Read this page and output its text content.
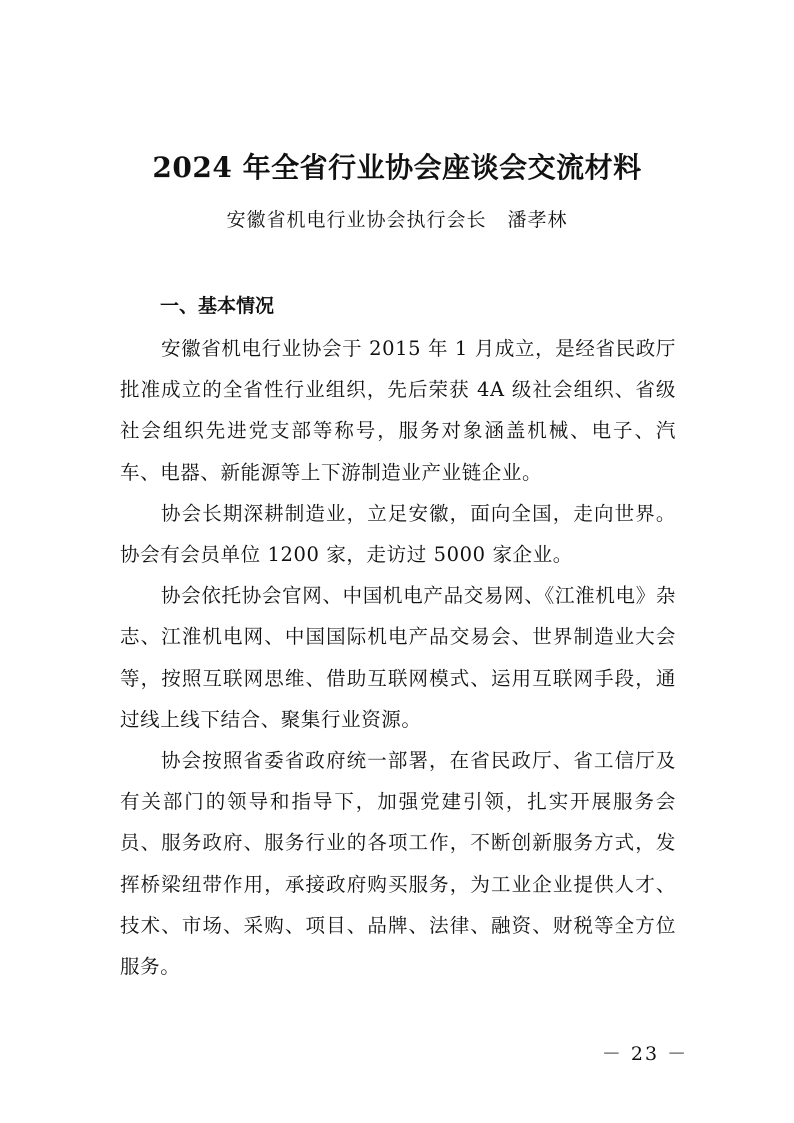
2024 年全省行业协会座谈会交流材料
安徽省机电行业协会执行会长   潘孝林
一、基本情况

安徽省机电行业协会于 2015 年 1 月成立，是经省民政厅批准成立的全省性行业组织，先后荣获 4A 级社会组织、省级社会组织先进党支部等称号，服务对象涵盖机械、电子、汽车、电器、新能源等上下游制造业产业链企业。

协会长期深耕制造业，立足安徽，面向全国，走向世界。协会有会员单位 1200 家，走访过 5000 家企业。

协会依托协会官网、中国机电产品交易网、《江淮机电》杂志、江淮机电网、中国国际机电产品交易会、世界制造业大会等，按照互联网思维、借助互联网模式、运用互联网手段，通过线上线下结合、聚集行业资源。

协会按照省委省政府统一部署，在省民政厅、省工信厅及有关部门的领导和指导下，加强党建引领，扎实开展服务会员、服务政府、服务行业的各项工作，不断创新服务方式，发挥桥梁纽带作用，承接政府购买服务，为工业企业提供人才、技术、市场、采购、项目、品牌、法律、融资、财税等全方位服务。

－ 23 －
